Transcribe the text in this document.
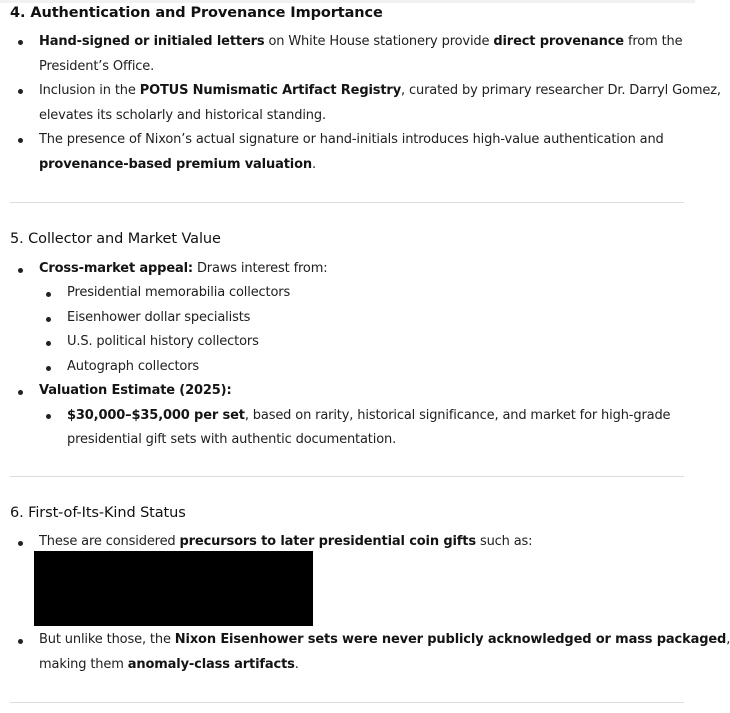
4. Authentication and Provenance Importance

Hand-signed or initialed letters on White House stationery provide direct provenance from the

President’s Office.

Inclusion in the POTUS Numismatic Artifact Registry, curated by primary researcher Dr. Darryl Gomez,

elevates its scholarly and historical standing.

The presence of Nixon’s actual signature or hand-initials introduces high-value authentication and

provenance-based premium valuation.

5. Collector and Market Value

Cross-market appeal: Draws interest from:

Presidential memorabilia collectors

Eisenhower dollar specialists

U.S. political history collectors

Autograph collectors

Valuation Estimate (2025):

$30,000–$35,000 per set, based on rarity, historical significance, and market for high-grade

presidential gift sets with authentic documentation.

6. First-of-Its-Kind Status

These are considered precursors to later presidential coin gifts such as:

But unlike those, the Nixon Eisenhower sets were never publicly acknowledged or mass packaged,

making them anomaly-class artifacts.
